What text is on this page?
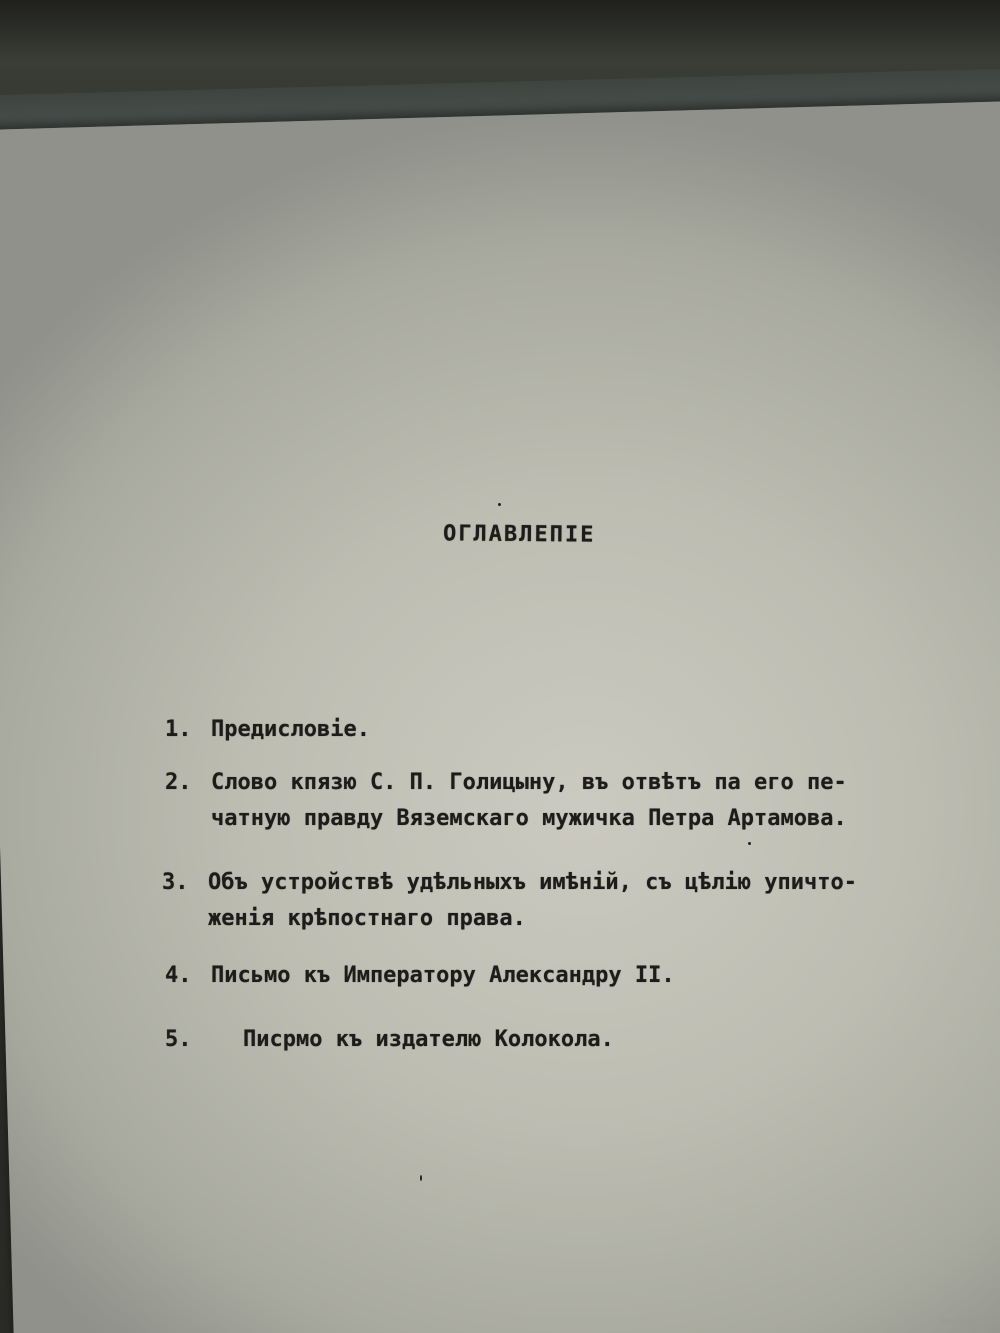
ОГЛАВЛЕПІЕ
1. Предисловіе.
2. Слово кпязю С. П. Голицыну, въ отвѣтъ па его пе-
чатную правду Вяземскаго мужичка Петра Артамова.
3. Объ устройствѣ удѣльныхъ имѣній, съ цѣлію упичто-
женія крѣпостнаго права.
4. Письмо къ Императору Александру II.
5. Писрмо къ издателю Колокола.
www.ay.by
